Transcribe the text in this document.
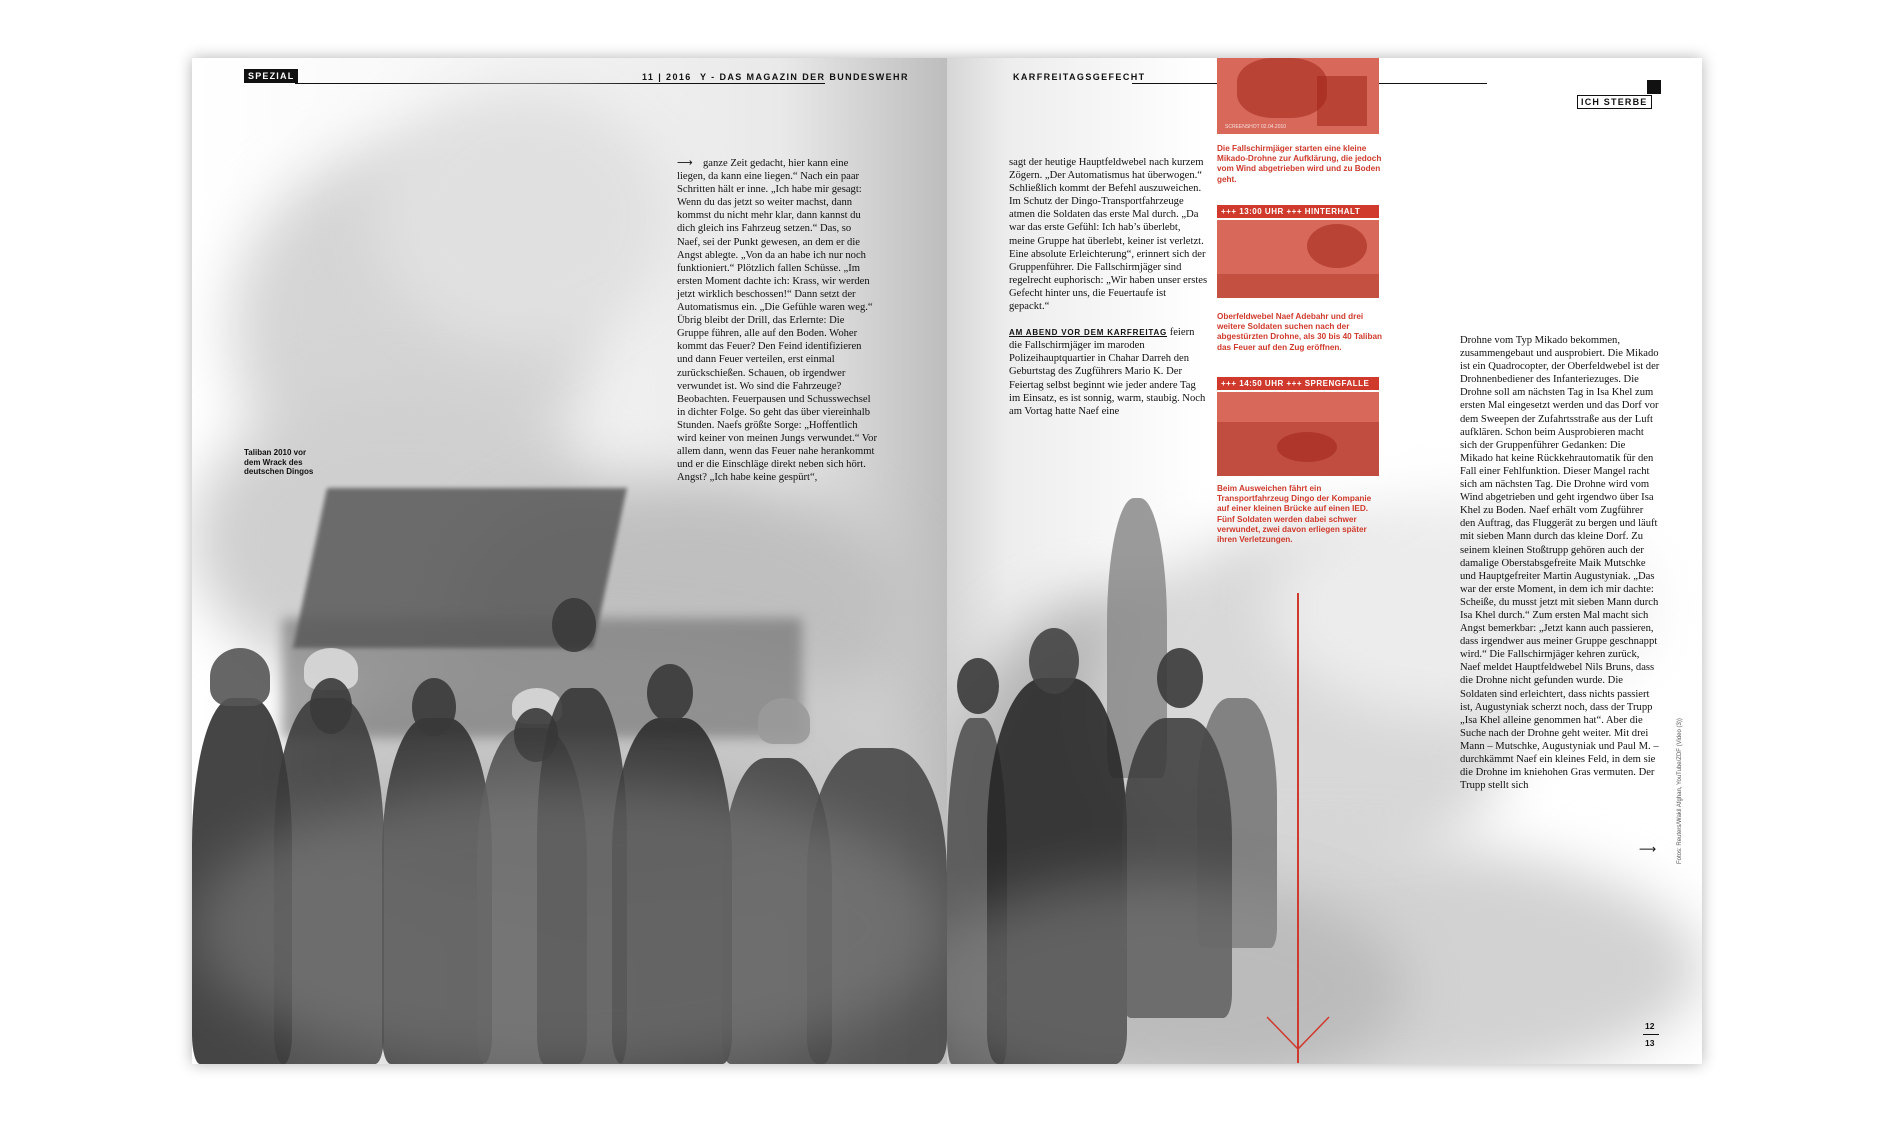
SPEZIAL	11 | 2016 Y - DAS MAGAZIN DER BUNDESWEHR
Taliban 2010 vor dem Wrack des deutschen Dingos

⟶ ganze Zeit gedacht, hier kann eine liegen, da kann eine liegen.“ Nach ein paar Schritten hält er inne. „Ich habe mir gesagt: Wenn du das jetzt so weiter machst, dann kommst du nicht mehr klar, dann kannst du dich gleich ins Fahrzeug setzen.“ Das, so Naef, sei der Punkt gewesen, an dem er die Angst ablegte. „Von da an habe ich nur noch funktioniert.“ Plötzlich fallen Schüsse. „Im ersten Moment dachte ich: Krass, wir werden jetzt wirklich beschossen!“ Dann setzt der Automatismus ein. „Die Gefühle waren weg.“ Übrig bleibt der Drill, das Erlernte: Die Gruppe führen, alle auf den Boden. Woher kommt das Feuer? Den Feind identifizieren und dann Feuer verteilen, erst einmal zurückschießen. Schauen, ob irgendwer verwundet ist. Wo sind die Fahrzeuge? Beobachten. Feuerpausen und Schusswechsel in dichter Folge. So geht das über viereinhalb Stunden. Naefs größte Sorge: „Hoffentlich wird keiner von meinen Jungs verwundet.“ Vor allem dann, wenn das Feuer nahe herankommt und er die Einschläge direkt neben sich hört. Angst? „Ich habe keine gespürt“,

KARFREITAGSGEFECHT
ICH STERBE

sagt der heutige Hauptfeldwebel nach kurzem Zögern. „Der Automatismus hat überwogen.“ Schließlich kommt der Befehl auszuweichen. Im Schutz der Dingo-Transportfahrzeuge atmen die Soldaten das erste Mal durch. „Da war das erste Gefühl: Ich hab’s überlebt, meine Gruppe hat überlebt, keiner ist verletzt. Eine absolute Erleichterung“, erinnert sich der Gruppenführer. Die Fallschirmjäger sind regelrecht euphorisch: „Wir haben unser erstes Gefecht hinter uns, die Feuertaufe ist gepackt.“

AM ABEND VOR DEM KARFREITAG feiern die Fallschirmjäger im maroden Polizeihauptquartier in Chahar Darreh den Geburtstag des Zugführers Mario K. Der Feiertag selbst beginnt wie jeder andere Tag im Einsatz, es ist sonnig, warm, staubig. Noch am Vortag hatte Naef eine

SCREENSHOT 02.04.2010
Die Fallschirmjäger starten eine kleine Mikado-Drohne zur Aufklärung, die jedoch vom Wind abgetrieben wird und zu Boden geht.
+++ 13:00 UHR +++ HINTERHALT
Oberfeldwebel Naef Adebahr und drei weitere Soldaten suchen nach der abgestürzten Drohne, als 30 bis 40 Taliban das Feuer auf den Zug eröffnen.
+++ 14:50 UHR +++ SPRENGFALLE
Beim Ausweichen fährt ein Transportfahrzeug Dingo der Kompanie auf einer kleinen Brücke auf einen IED. Fünf Soldaten werden dabei schwer verwundet, zwei davon erliegen später ihren Verletzungen.

Drohne vom Typ Mikado bekommen, zusammengebaut und ausprobiert. Die Mikado ist ein Quadrocopter, der Oberfeldwebel ist der Drohnenbediener des Infanteriezuges. Die Drohne soll am nächsten Tag in Isa Khel zum ersten Mal eingesetzt werden und das Dorf vor dem Sweepen der Zufahrtsstraße aus der Luft aufklären. Schon beim Ausprobieren macht sich der Gruppenführer Gedanken: Die Mikado hat keine Rückkehrautomatik für den Fall einer Fehlfunktion. Dieser Mangel racht sich am nächsten Tag. Die Drohne wird vom Wind abgetrieben und geht irgendwo über Isa Khel zu Boden. Naef erhält vom Zugführer den Auftrag, das Fluggerät zu bergen und läuft mit sieben Mann durch das kleine Dorf. Zu seinem kleinen Stoßtrupp gehören auch der damalige Oberstabsgefreite Maik Mutschke und Hauptgefreiter Martin Augustyniak. „Das war der erste Moment, in dem ich mir dachte: Scheiße, du musst jetzt mit sieben Mann durch Isa Khel durch.“ Zum ersten Mal macht sich Angst bemerkbar: „Jetzt kann auch passieren, dass irgendwer aus meiner Gruppe geschnappt wird.“ Die Fallschirmjäger kehren zurück, Naef meldet Hauptfeldwebel Nils Bruns, dass die Drohne nicht gefunden wurde. Die Soldaten sind erleichtert, dass nichts passiert ist, Augustyniak scherzt noch, dass der Trupp „Isa Khel alleine genommen hat“. Aber die Suche nach der Drohne geht weiter. Mit drei Mann – Mutschke, Augustyniak und Paul M. – durchkämmt Naef ein kleines Feld, in dem sie die Drohne im kniehohen Gras vermuten. Der Trupp stellt sich

⟶	Fotos: Reuters/Wakil Afghan, YouTube/ZDF (Video (3))
12
13
